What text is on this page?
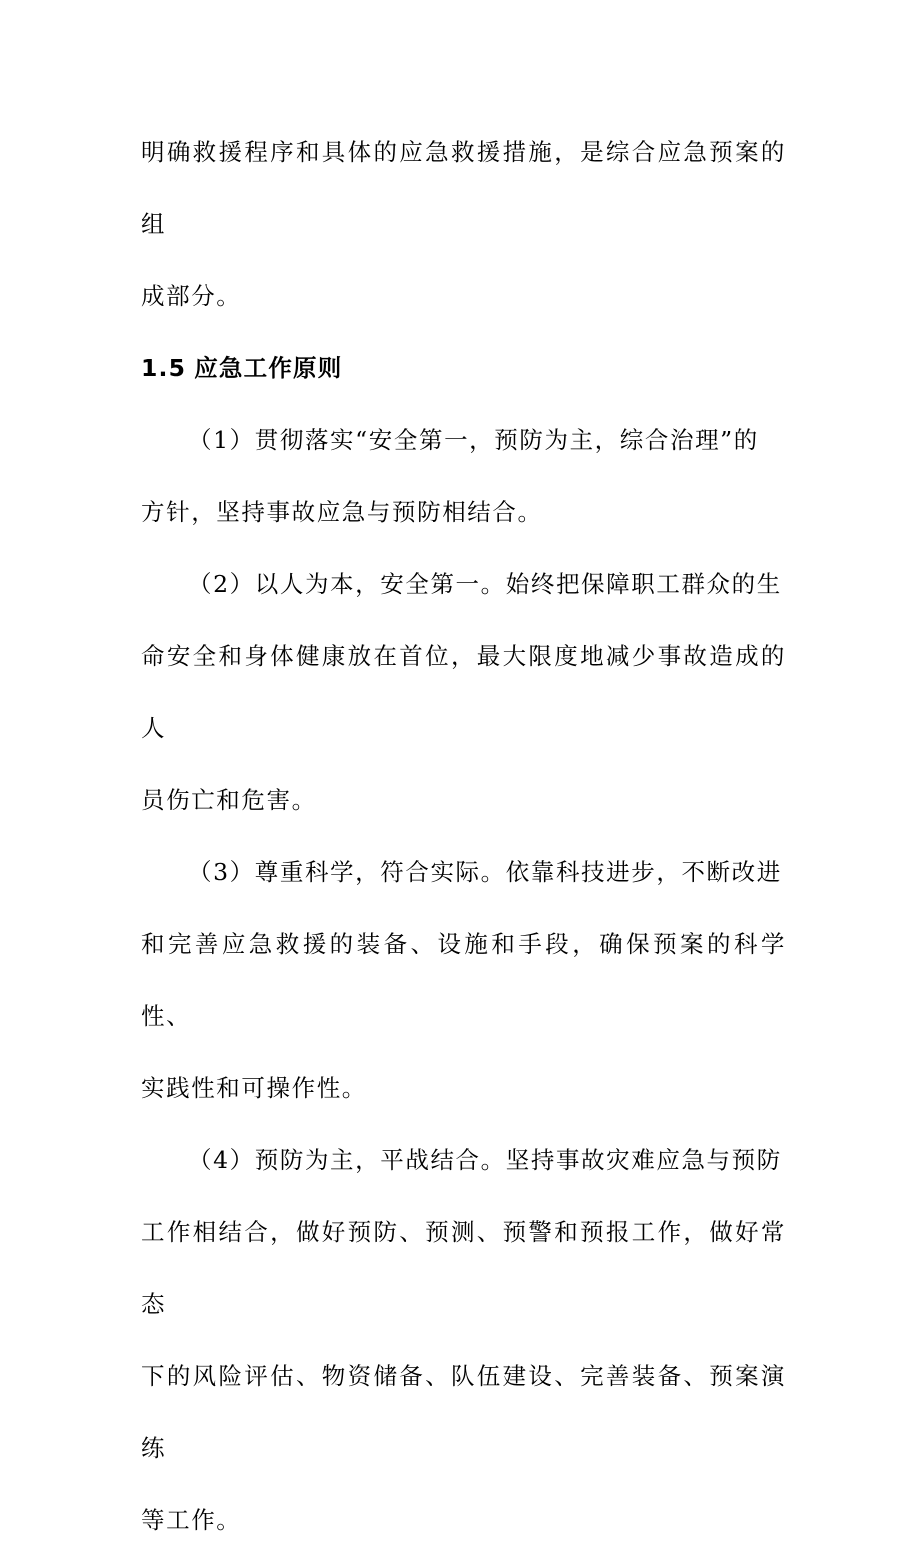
明确救援程序和具体的应急救援措施，是综合应急预案的组
成部分。

1.5 应急工作原则

（1）贯彻落实“安全第一，预防为主，综合治理”的
方针，坚持事故应急与预防相结合。

（2）以人为本，安全第一。始终把保障职工群众的生
命安全和身体健康放在首位，最大限度地减少事故造成的人
员伤亡和危害。

（3）尊重科学，符合实际。依靠科技进步，不断改进
和完善应急救援的装备、设施和手段，确保预案的科学性、
实践性和可操作性。

（4）预防为主，平战结合。坚持事故灾难应急与预防
工作相结合，做好预防、预测、预警和预报工作，做好常态
下的风险评估、物资储备、队伍建设、完善装备、预案演练
等工作。
